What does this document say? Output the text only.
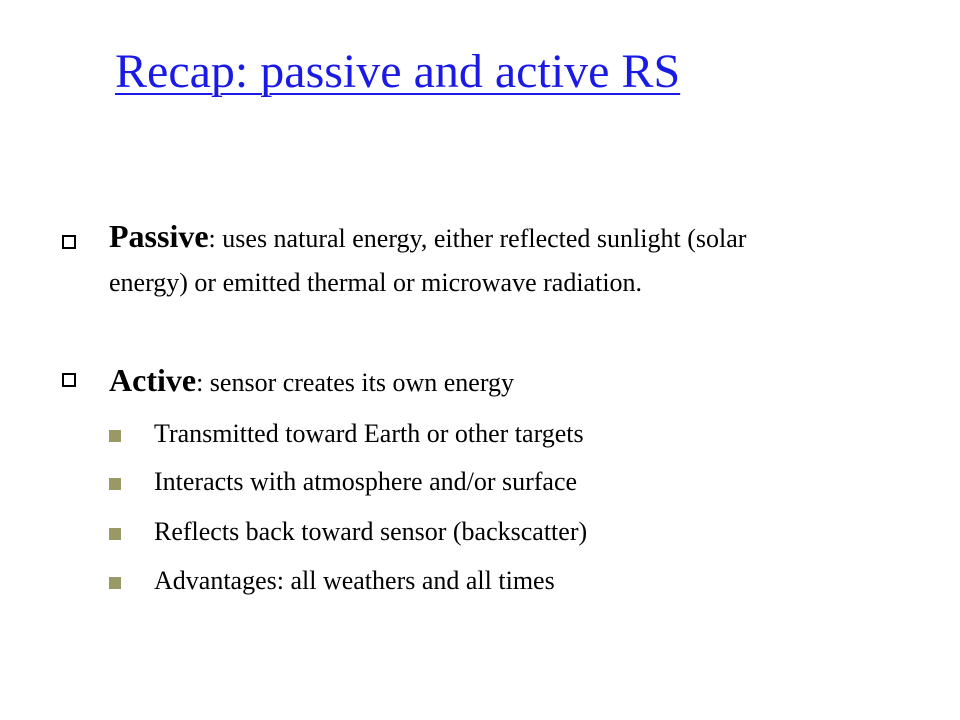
Recap: passive and active RS
Passive: uses natural energy, either reflected sunlight (solar energy) or emitted thermal or microwave radiation.
Active: sensor creates its own energy
Transmitted toward Earth or other targets
Interacts with atmosphere and/or surface
Reflects back toward sensor (backscatter)
Advantages: all weathers and all times
